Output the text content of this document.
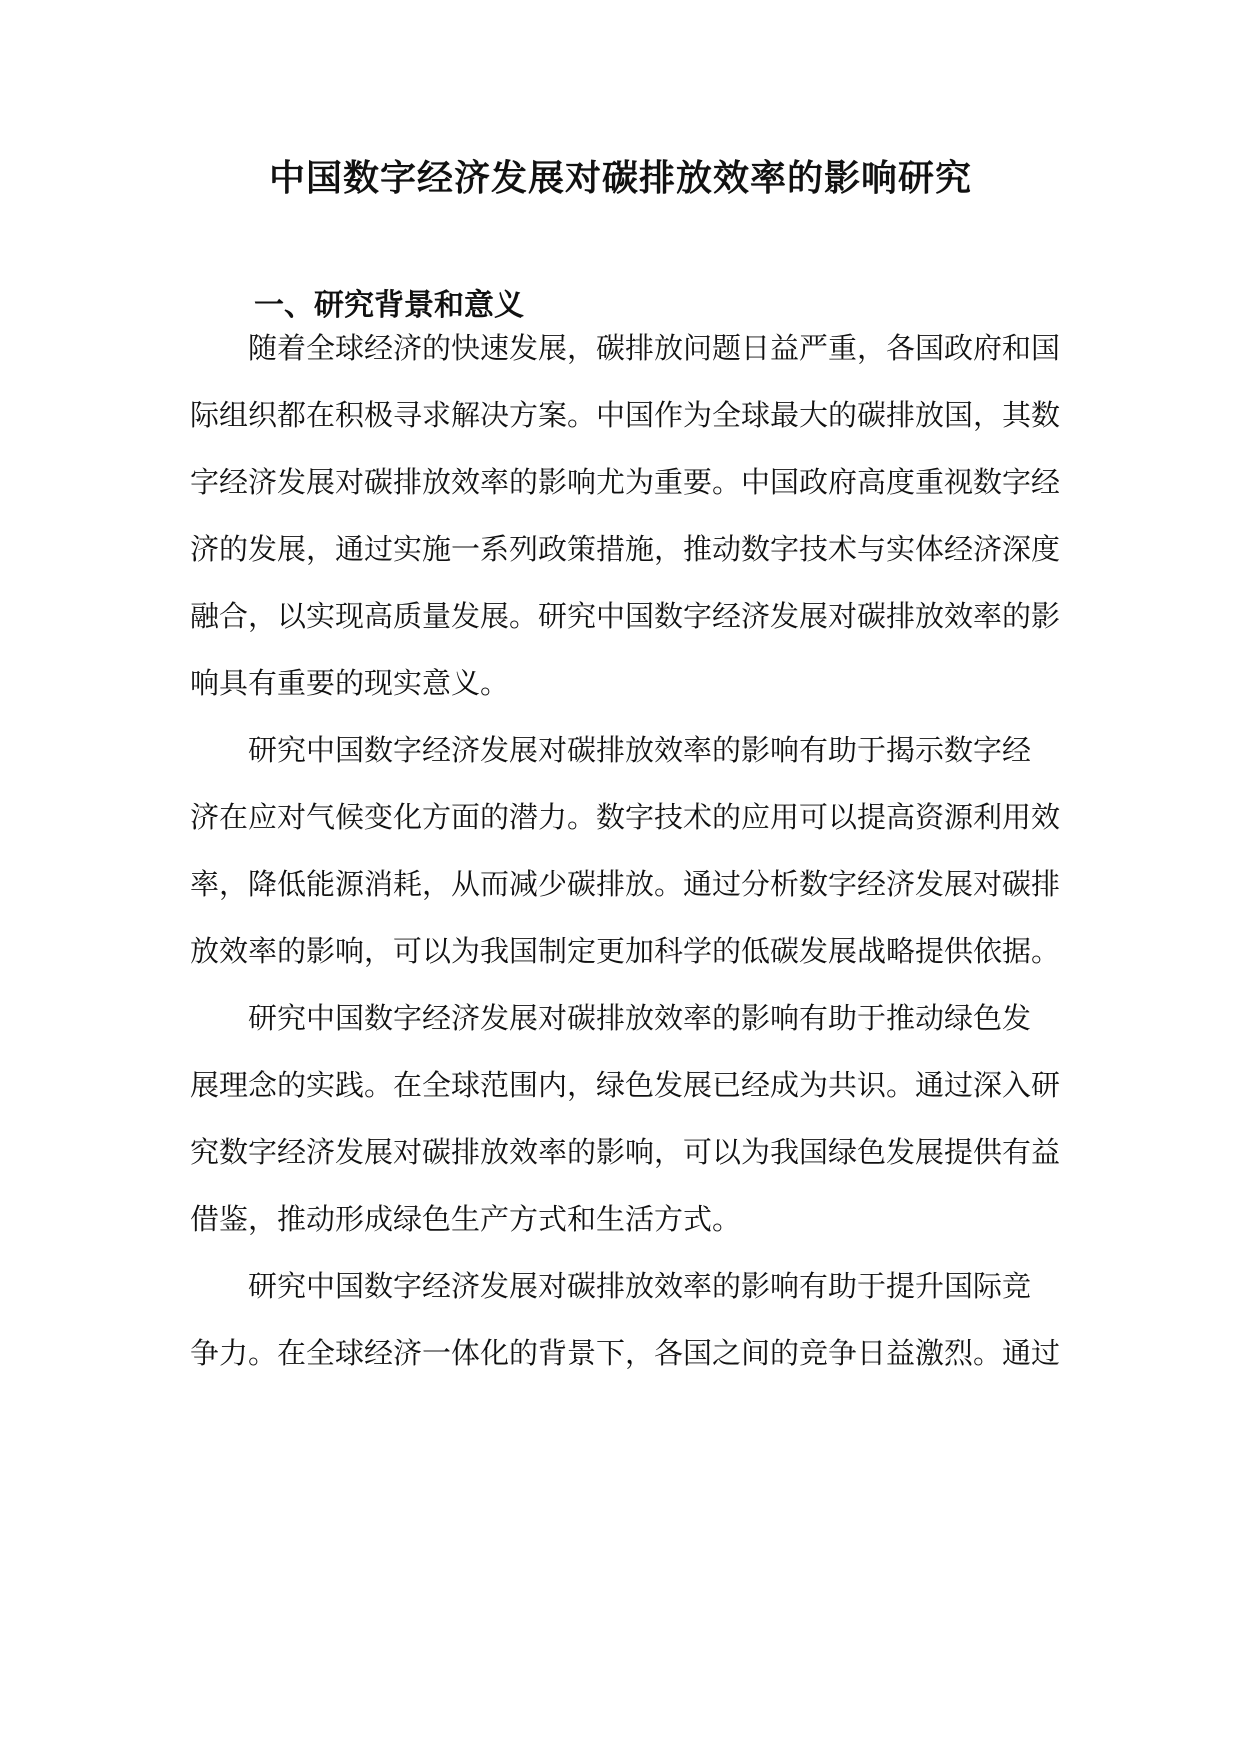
中国数字经济发展对碳排放效率的影响研究
一、研究背景和意义

随着全球经济的快速发展，碳排放问题日益严重，各国政府和国

际组织都在积极寻求解决方案。中国作为全球最大的碳排放国，其数

字经济发展对碳排放效率的影响尤为重要。中国政府高度重视数字经

济的发展，通过实施一系列政策措施，推动数字技术与实体经济深度

融合，以实现高质量发展。研究中国数字经济发展对碳排放效率的影

响具有重要的现实意义。

研究中国数字经济发展对碳排放效率的影响有助于揭示数字经

济在应对气候变化方面的潜力。数字技术的应用可以提高资源利用效

率，降低能源消耗，从而减少碳排放。通过分析数字经济发展对碳排

放效率的影响，可以为我国制定更加科学的低碳发展战略提供依据。

研究中国数字经济发展对碳排放效率的影响有助于推动绿色发

展理念的实践。在全球范围内，绿色发展已经成为共识。通过深入研

究数字经济发展对碳排放效率的影响，可以为我国绿色发展提供有益

借鉴，推动形成绿色生产方式和生活方式。

研究中国数字经济发展对碳排放效率的影响有助于提升国际竞

争力。在全球经济一体化的背景下，各国之间的竞争日益激烈。通过
